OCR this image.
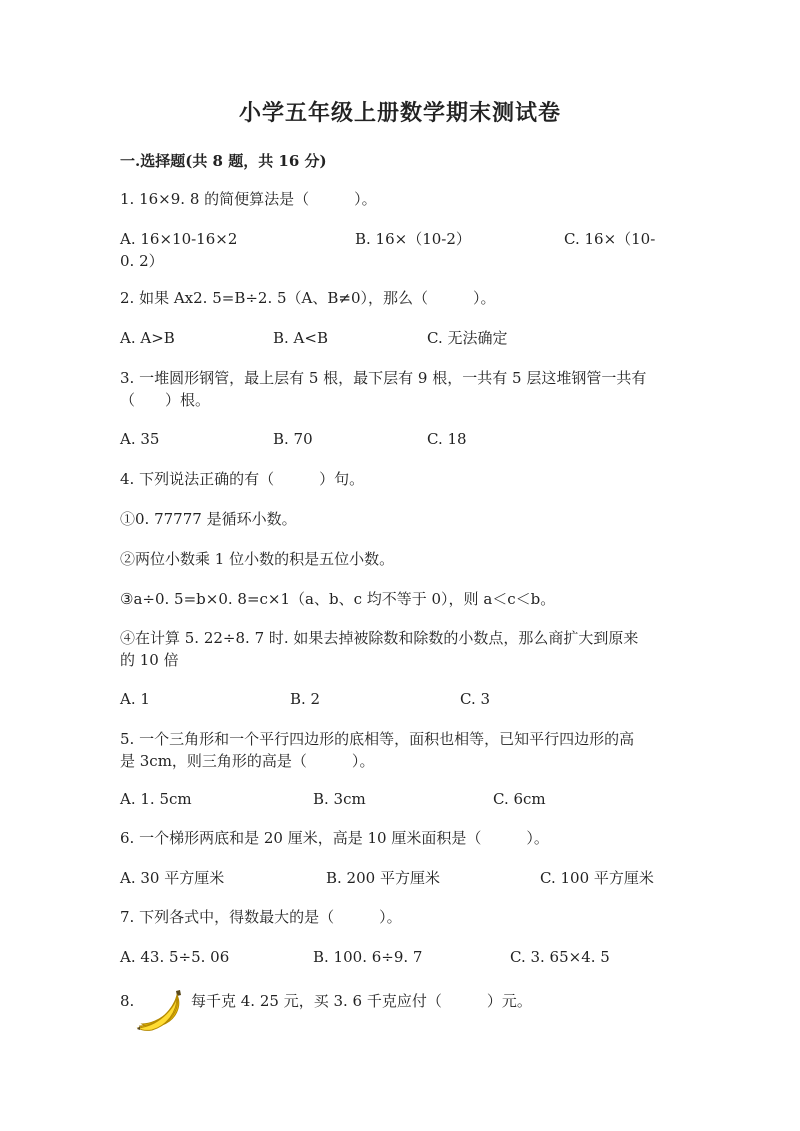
小学五年级上册数学期末测试卷
一.选择题(共 8 题，共 16 分)
1. 16×9. 8 的简便算法是（　　　）。
A. 16×10-16×2	B. 16×（10-2）	C. 16×（10-
0. 2）
2. 如果 Ax2. 5=B÷2. 5（A、B≠0），那么（　　　）。
A. A>B	B. A<B	C. 无法确定
3. 一堆圆形钢管，最上层有 5 根，最下层有 9 根，一共有 5 层这堆钢管一共有
（　　）根。
A. 35	B. 70	C. 18
4. 下列说法正确的有（　　　）句。
①0. 77777 是循环小数。
②两位小数乘 1 位小数的积是五位小数。
③a÷0. 5=b×0. 8=c×1（a、b、c 均不等于 0），则 a＜c＜b。
④在计算 5. 22÷8. 7 时. 如果去掉被除数和除数的小数点，那么商扩大到原来
的 10 倍
A. 1	B. 2	C. 3
5. 一个三角形和一个平行四边形的底相等，面积也相等，已知平行四边形的高
是 3cm，则三角形的高是（　　　）。
A. 1. 5cm	B. 3cm	C. 6cm
6. 一个梯形两底和是 20 厘米，高是 10 厘米面积是（　　　）。
A. 30 平方厘米	B. 200 平方厘米	C. 100 平方厘米
7. 下列各式中，得数最大的是（　　　）。
A. 43. 5÷5. 06	B. 100. 6÷9. 7	C. 3. 65×4. 5
8.	每千克 4. 25 元，买 3. 6 千克应付（　　　）元。
